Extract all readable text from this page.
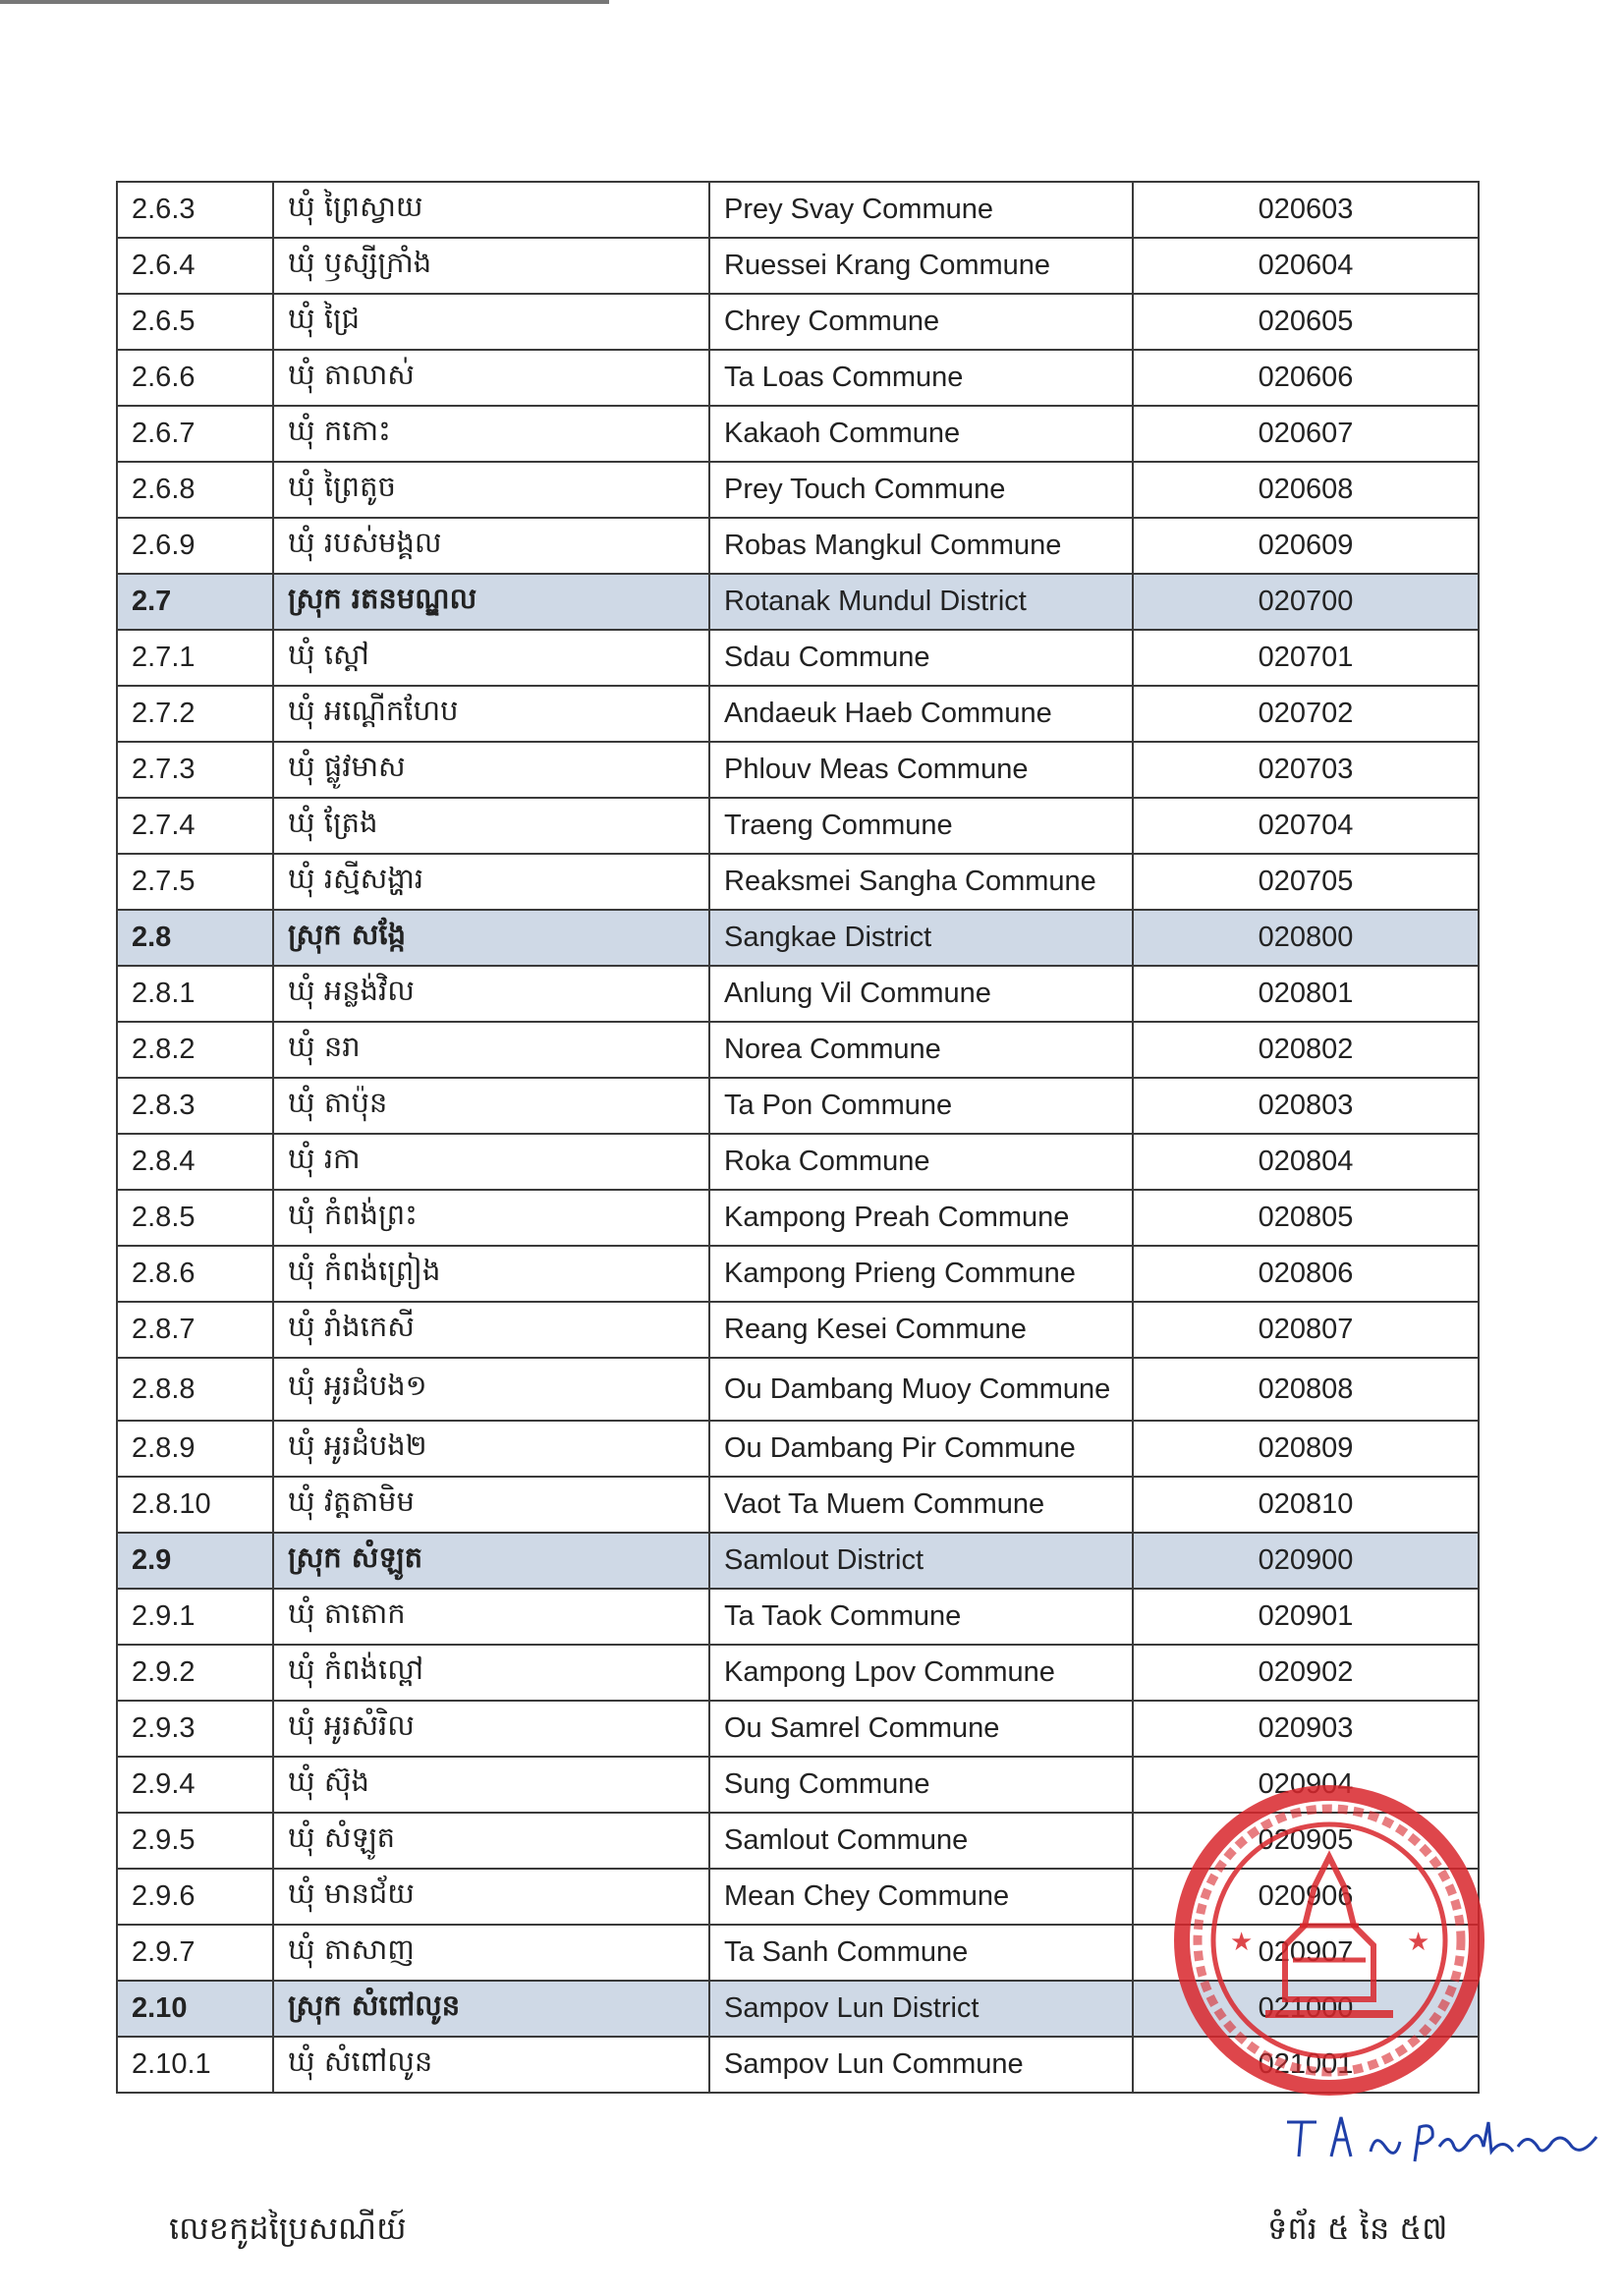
2.6.3	ឃុំ ព្រៃស្វាយ	Prey Svay Commune	020603
2.6.4	ឃុំ ឫស្សីក្រាំង	Ruessei Krang Commune	020604
2.6.5	ឃុំ ជ្រៃ	Chrey Commune	020605
2.6.6	ឃុំ តាលាស់	Ta Loas Commune	020606
2.6.7	ឃុំ កកោះ	Kakaoh Commune	020607
2.6.8	ឃុំ ព្រៃតូច	Prey Touch Commune	020608
2.6.9	ឃុំ របស់មង្គល	Robas Mangkul Commune	020609
2.7	ស្រុក រតនមណ្ឌល	Rotanak Mundul District	020700
2.7.1	ឃុំ ស្ដៅ	Sdau Commune	020701
2.7.2	ឃុំ អណ្ដើកហែប	Andaeuk Haeb Commune	020702
2.7.3	ឃុំ ផ្លូវមាស	Phlouv Meas Commune	020703
2.7.4	ឃុំ ត្រែង	Traeng Commune	020704
2.7.5	ឃុំ រស្មីសង្ហារ	Reaksmei Sangha Commune	020705
2.8	ស្រុក សង្កែ	Sangkae District	020800
2.8.1	ឃុំ អន្លង់វិល	Anlung Vil Commune	020801
2.8.2	ឃុំ នរា	Norea Commune	020802
2.8.3	ឃុំ តាប៉ុន	Ta Pon Commune	020803
2.8.4	ឃុំ រកា	Roka Commune	020804
2.8.5	ឃុំ កំពង់ព្រះ	Kampong Preah Commune	020805
2.8.6	ឃុំ កំពង់ព្រៀង	Kampong Prieng Commune	020806
2.8.7	ឃុំ រាំងកេសី	Reang Kesei Commune	020807
2.8.8	ឃុំ អូរដំបង១	Ou Dambang Muoy Commune	020808
2.8.9	ឃុំ អូរដំបង២	Ou Dambang Pir Commune	020809
2.8.10	ឃុំ វត្តតាមិម	Vaot Ta Muem Commune	020810
2.9	ស្រុក សំឡូត	Samlout District	020900
2.9.1	ឃុំ តាតោក	Ta Taok Commune	020901
2.9.2	ឃុំ កំពង់ល្ពៅ	Kampong Lpov Commune	020902
2.9.3	ឃុំ អូរសំរិល	Ou Samrel Commune	020903
2.9.4	ឃុំ ស៊ុង	Sung Commune	020904
2.9.5	ឃុំ សំឡូត	Samlout Commune	020905
2.9.6	ឃុំ មានជ័យ	Mean Chey Commune	020906
2.9.7	ឃុំ តាសាញ	Ta Sanh Commune	020907
2.10	ស្រុក សំពៅលូន	Sampov Lun District	021000
2.10.1	ឃុំ សំពៅលូន	Sampov Lun Commune	021001
★	★
លេខកូដប្រៃសណីយ៍	ទំព័រ ៥ នៃ ៥៧
